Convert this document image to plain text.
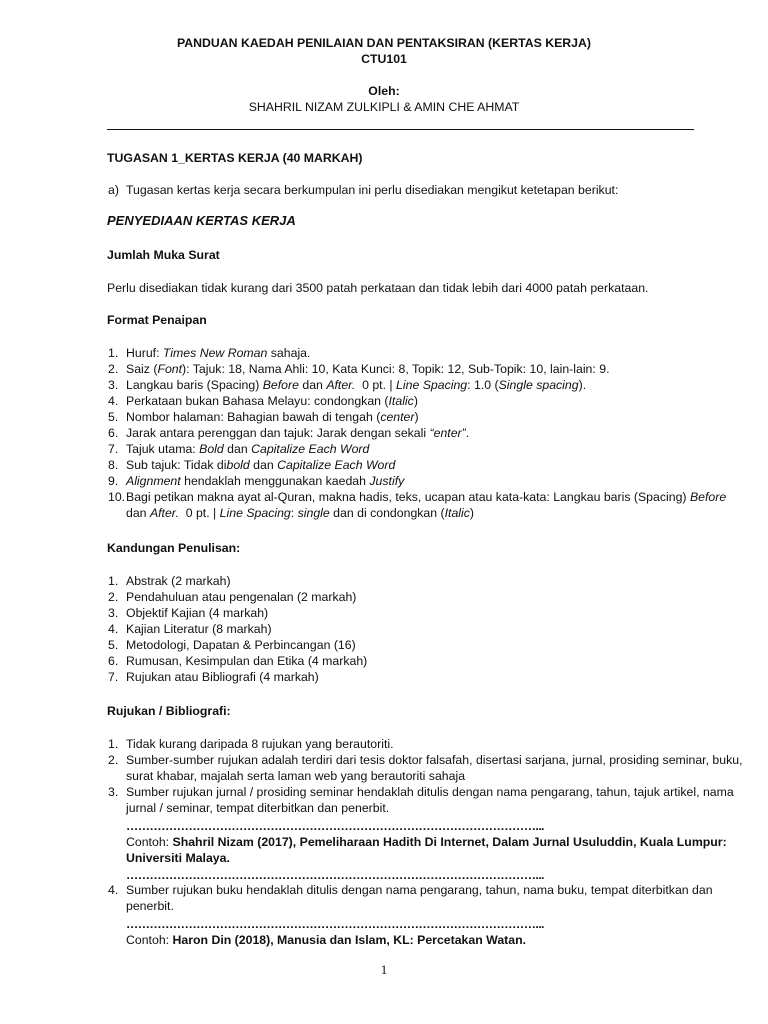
PANDUAN KAEDAH PENILAIAN DAN PENTAKSIRAN (KERTAS KERJA)
CTU101
Oleh:
SHAHRIL NIZAM ZULKIPLI & AMIN CHE AHMAT
TUGASAN 1_KERTAS KERJA (40 MARKAH)
a) Tugasan kertas kerja secara berkumpulan ini perlu disediakan mengikut ketetapan berikut:
PENYEDIAAN KERTAS KERJA
Jumlah Muka Surat
Perlu disediakan tidak kurang dari 3500 patah perkataan dan tidak lebih dari 4000 patah perkataan.
Format Penaipan
1. Huruf: Times New Roman sahaja.
2. Saiz (Font): Tajuk: 18, Nama Ahli: 10, Kata Kunci: 8, Topik: 12, Sub-Topik: 10, lain-lain: 9.
3. Langkau baris (Spacing) Before dan After.  0 pt. | Line Spacing: 1.0 (Single spacing).
4. Perkataan bukan Bahasa Melayu: condongkan (Italic)
5. Nombor halaman: Bahagian bawah di tengah (center)
6. Jarak antara perenggan dan tajuk: Jarak dengan sekali “enter”.
7. Tajuk utama: Bold dan Capitalize Each Word
8. Sub tajuk: Tidak dibold dan Capitalize Each Word
9. Alignment hendaklah menggunakan kaedah Justify
10. Bagi petikan makna ayat al-Quran, makna hadis, teks, ucapan atau kata-kata: Langkau baris (Spacing) Before
dan After.  0 pt. | Line Spacing: single dan di condongkan (Italic)
Kandungan Penulisan:
1. Abstrak (2 markah)
2. Pendahuluan atau pengenalan (2 markah)
3. Objektif Kajian (4 markah)
4. Kajian Literatur (8 markah)
5. Metodologi, Dapatan & Perbincangan (16)
6. Rumusan, Kesimpulan dan Etika (4 markah)
7. Rujukan atau Bibliografi (4 markah)
Rujukan / Bibliografi:
1. Tidak kurang daripada 8 rujukan yang berautoriti.
2. Sumber-sumber rujukan adalah terdiri dari tesis doktor falsafah, disertasi sarjana, jurnal, prosiding seminar, buku,
surat khabar, majalah serta laman web yang berautoriti sahaja
3. Sumber rujukan jurnal / prosiding seminar hendaklah ditulis dengan nama pengarang, tahun, tajuk artikel, nama
jurnal / seminar, tempat diterbitkan dan penerbit.
……………………………………………………………………………………………...
Contoh: Shahril Nizam (2017), Pemeliharaan Hadith Di Internet, Dalam Jurnal Usuluddin, Kuala Lumpur:
Universiti Malaya.
……………………………………………………………………………………………...
4. Sumber rujukan buku hendaklah ditulis dengan nama pengarang, tahun, nama buku, tempat diterbitkan dan
penerbit.
……………………………………………………………………………………………...
Contoh: Haron Din (2018), Manusia dan Islam, KL: Percetakan Watan.
1
